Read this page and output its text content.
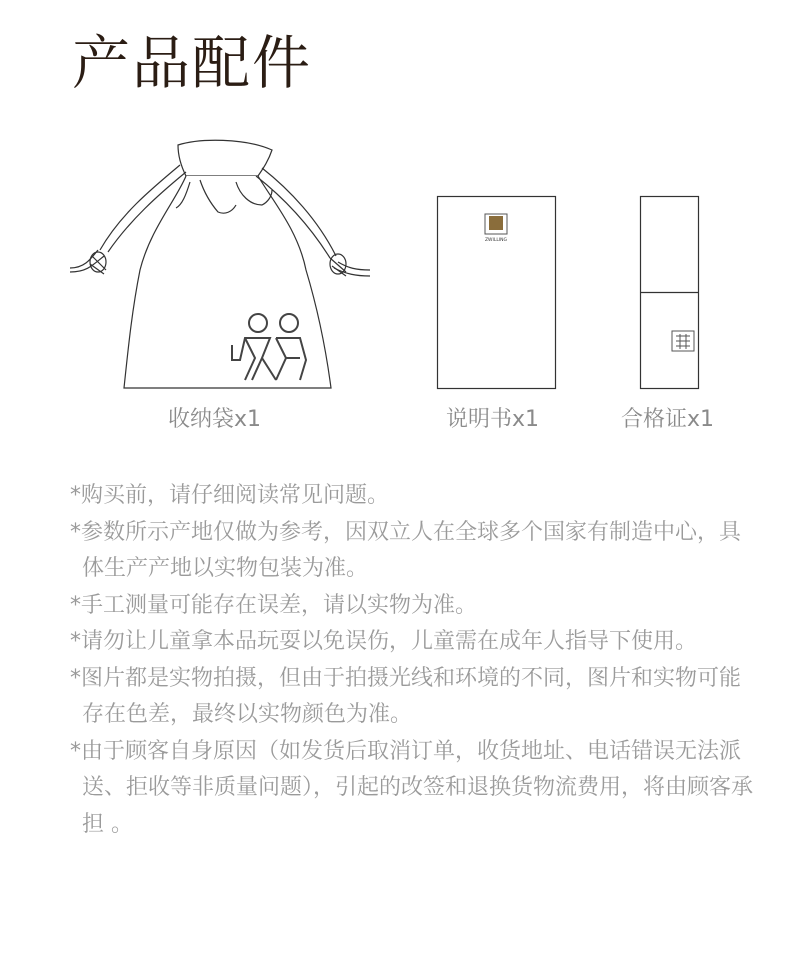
产品配件
ZWILLING
收纳袋x1	说明书x1	合格证x1

*购买前，请仔细阅读常见问题。

*参数所示产地仅做为参考，因双立人在全球多个国家有制造中心，具体生产产地以实物包装为准。

*手工测量可能存在误差，请以实物为准。

*请勿让儿童拿本品玩耍以免误伤，儿童需在成年人指导下使用。

*图片都是实物拍摄，但由于拍摄光线和环境的不同，图片和实物可能存在色差，最终以实物颜色为准。

*由于顾客自身原因（如发货后取消订单，收货地址、电话错误无法派送、拒收等非质量问题），引起的改签和退换货物流费用，将由顾客承担 。
